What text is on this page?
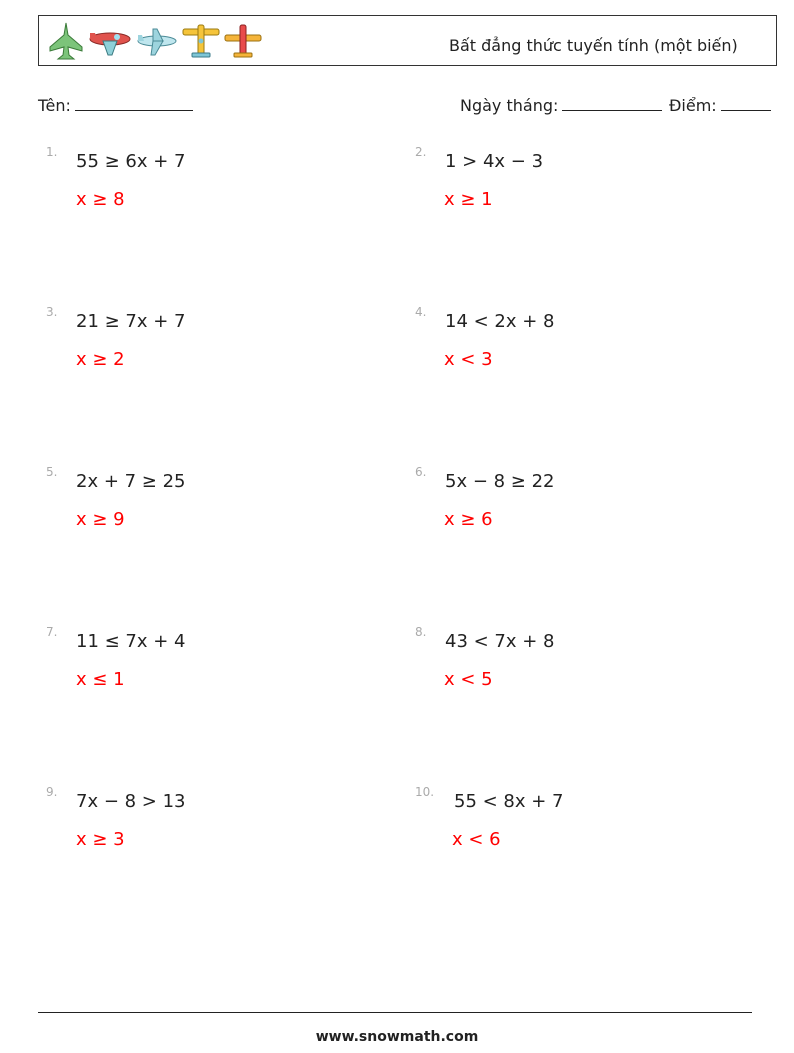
Bất đẳng thức tuyến tính (một biến)
Tên:	Ngày tháng:	Điểm:
1. 55 ≥ 6x + 7
x ≥ 8
2. 1 > 4x − 3
x ≥ 1
3. 21 ≥ 7x + 7
x ≥ 2
4. 14 < 2x + 8
x < 3
5. 2x + 7 ≥ 25
x ≥ 9
6. 5x − 8 ≥ 22
x ≥ 6
7. 11 ≤ 7x + 4
x ≤ 1
8. 43 < 7x + 8
x < 5
9. 7x − 8 > 13
x ≥ 3
10. 55 < 8x + 7
x < 6
www.snowmath.com
